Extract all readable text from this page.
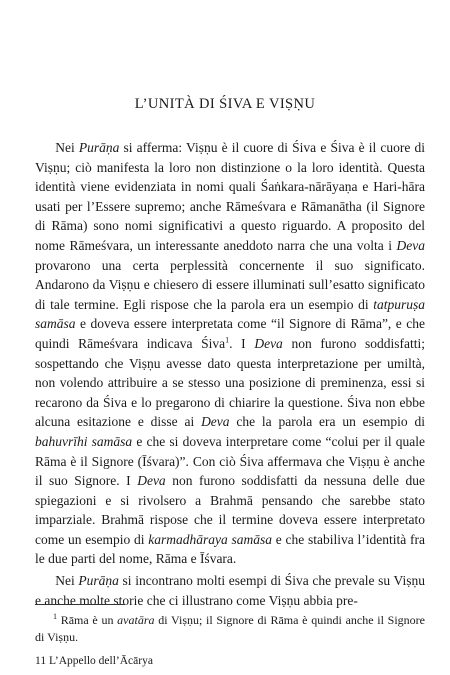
L’UNITÀ DI ŚIVA E VIṢṆU

Nei Purāṇa si afferma: Viṣṇu è il cuore di Śiva e Śiva è il cuore di Viṣṇu; ciò manifesta la loro non distinzione o la loro identità. Questa identità viene evidenziata in nomi quali Śaṅkara-nārāyaṇa e Hari-hāra usati per l’Essere supremo; anche Rāmeśvara e Rāmanātha (il Signore di Rāma) sono nomi significativi a questo riguardo. A proposito del nome Rāmeśvara, un interessante aneddoto narra che una volta i Deva provarono una certa perplessità concernente il suo significato. Andarono da Viṣṇu e chiesero di essere illuminati sull’esatto significato di tale termine. Egli rispose che la parola era un esempio di tatpuruṣa samāsa e doveva essere interpretata come “il Signore di Rāma”, e che quindi Rāmeśvara indicava Śiva$^1$. I Deva non furono soddisfatti; sospettando che Viṣṇu avesse dato questa interpretazione per umiltà, non volendo attribuire a se stesso una posizione di preminenza, essi si recarono da Śiva e lo pregarono di chiarire la questione. Śiva non ebbe alcuna esitazione e disse ai Deva che la parola era un esempio di bahuvrīhi samāsa e che si doveva interpretare come “colui per il quale Rāma è il Signore (Īśvara)”. Con ciò Śiva affermava che Viṣṇu è anche il suo Signore. I Deva non furono soddisfatti da nessuna delle due spiegazioni e si rivolsero a Brahmā pensando che sarebbe stato imparziale. Brahmā rispose che il termine doveva essere interpretato come un esempio di karmadhāraya samāsa e che stabiliva l’identità fra le due parti del nome, Rāma e Īśvara.

Nei Purāṇa si incontrano molti esempi di Śiva che prevale su Viṣṇu e anche molte storie che ci illustrano come Viṣṇu abbia pre-

$^1$ Rāma è un avatāra di Viṣṇu; il Signore di Rāma è quindi anche il Signore di Viṣṇu.
11 L’Appello dell’Ācārya
